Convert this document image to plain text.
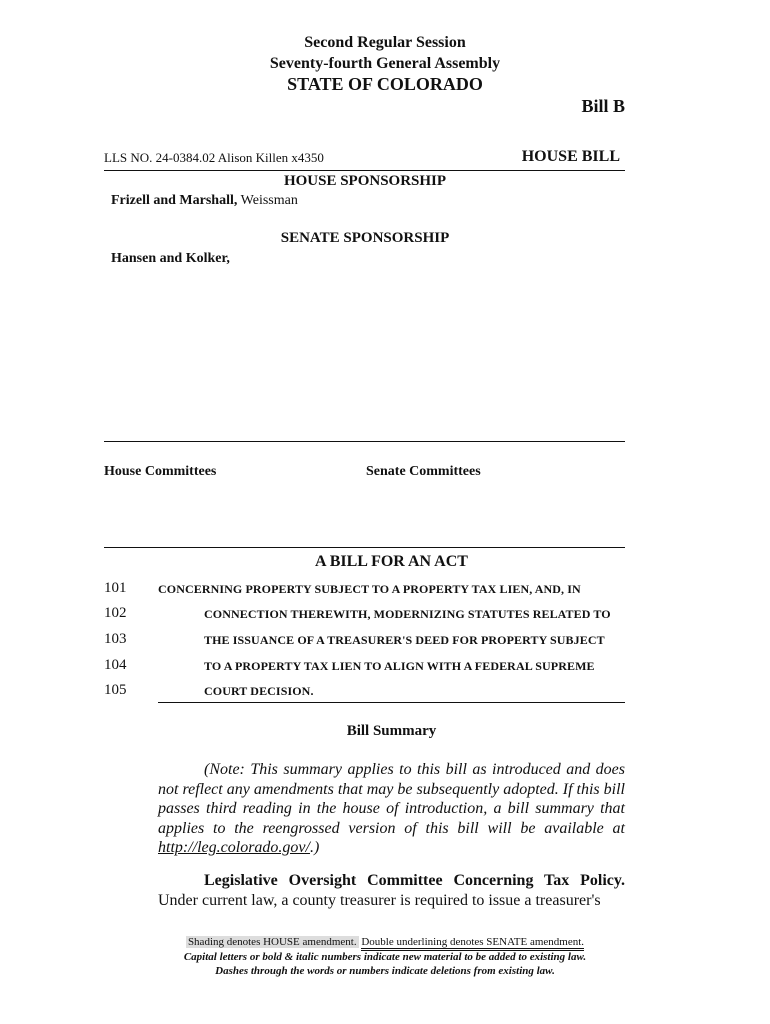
Second Regular Session
Seventy-fourth General Assembly
STATE OF COLORADO
Bill B
LLS NO. 24-0384.02 Alison Killen x4350	HOUSE BILL
HOUSE SPONSORSHIP
Frizell and Marshall, Weissman
SENATE SPONSORSHIP
Hansen and Kolker,
House Committees	Senate Committees
A BILL FOR AN ACT
101	CONCERNING PROPERTY SUBJECT TO A PROPERTY TAX LIEN, AND, IN
102	CONNECTION THEREWITH, MODERNIZING STATUTES RELATED TO
103	THE ISSUANCE OF A TREASURER'S DEED FOR PROPERTY SUBJECT
104	TO A PROPERTY TAX LIEN TO ALIGN WITH A FEDERAL SUPREME
105	COURT DECISION.
Bill Summary
(Note: This summary applies to this bill as introduced and does not reflect any amendments that may be subsequently adopted. If this bill passes third reading in the house of introduction, a bill summary that applies to the reengrossed version of this bill will be available at http://leg.colorado.gov/.)
Legislative Oversight Committee Concerning Tax Policy. Under current law, a county treasurer is required to issue a treasurer's
Shading denotes HOUSE amendment. Double underlining denotes SENATE amendment.
Capital letters or bold & italic numbers indicate new material to be added to existing law.
Dashes through the words or numbers indicate deletions from existing law.
